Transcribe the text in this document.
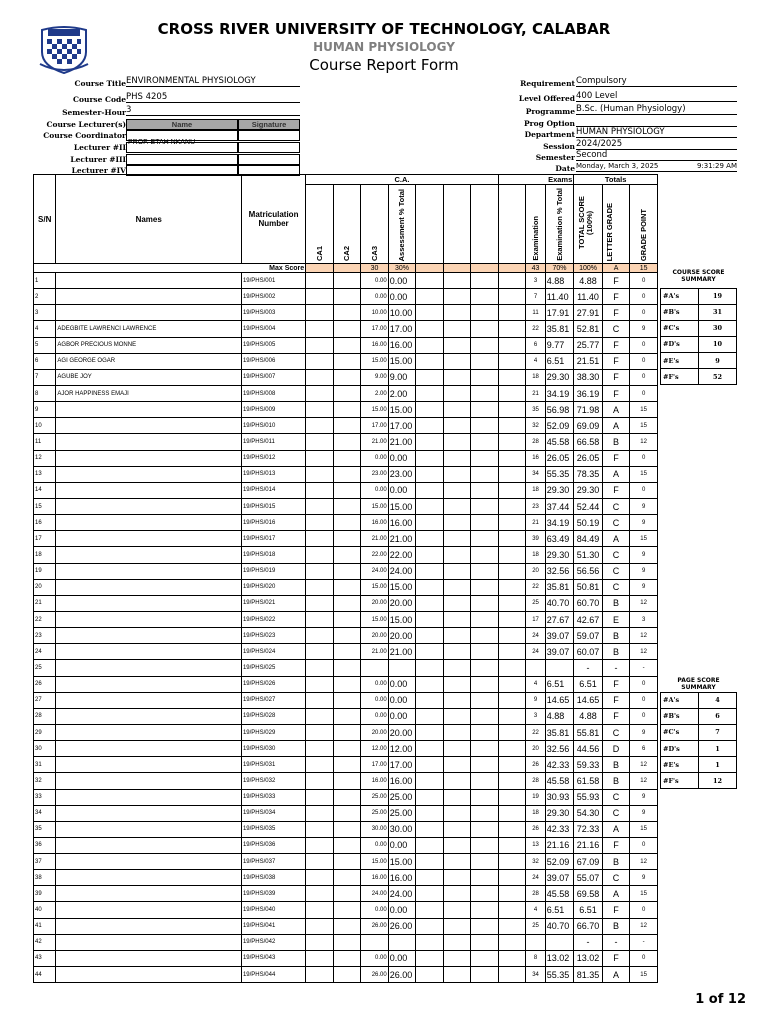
CROSS RIVER UNIVERSITY OF TECHNOLOGY, CALABAR
HUMAN PHYSIOLOGY
Course Report Form
Course Title ENVIRONMENTAL PHYSIOLOGY
Course Code PHS 4205
Semester-Hour 3
Course Lecturer(s)
Course Coordinator
PROF. ETAH NKANU
Lecturer #II
Lecturer #III
Lecturer #IV
Name	Signature
Requirement Compulsory
Level Offered 400 Level
Programme B.Sc. (Human Physiology)
Prog Option
Department HUMAN PHYSIOLOGY
Session 2024/2025
Semester Second
Date Monday, March 3, 2025	9:31:29 AM
S/N	Names	Matriculation Number	C.A.							Exams			Totals		
			CA1	CA2	CA3	Assessment % Total					Examination	Examination % Total	TOTAL SCORE (100%)	LETTER GRADE	GRADE POINT
Max Score					30	30%					43	70%	100%	A	15
1		19/PHS/001			0.00	0.00					3	4.88	4.88	F	0
2		19/PHS/002			0.00	0.00					7	11.40	11.40	F	0
3		19/PHS/003			10.00	10.00					11	17.91	27.91	F	0
4	ADEGBITE LAWRENCI LAWRENCE	19/PHS/004			17.00	17.00					22	35.81	52.81	C	9
5	AGBOR PRECIOUS MONNE	19/PHS/005			16.00	16.00					6	9.77	25.77	F	0
6	AGI GEORGE OGAR	19/PHS/006			15.00	15.00					4	6.51	21.51	F	0
7	AGUBE JOY	19/PHS/007			9.00	9.00					18	29.30	38.30	F	0
8	AJOR HAPPINESS EMAJI	19/PHS/008			2.00	2.00					21	34.19	36.19	F	0
9		19/PHS/009			15.00	15.00					35	56.98	71.98	A	15
10		19/PHS/010			17.00	17.00					32	52.09	69.09	A	15
11		19/PHS/011			21.00	21.00					28	45.58	66.58	B	12
12		19/PHS/012			0.00	0.00					16	26.05	26.05	F	0
13		19/PHS/013			23.00	23.00					34	55.35	78.35	A	15
14		19/PHS/014			0.00	0.00					18	29.30	29.30	F	0
15		19/PHS/015			15.00	15.00					23	37.44	52.44	C	9
16		19/PHS/016			16.00	16.00					21	34.19	50.19	C	9
17		19/PHS/017			21.00	21.00					39	63.49	84.49	A	15
18		19/PHS/018			22.00	22.00					18	29.30	51.30	C	9
19		19/PHS/019			24.00	24.00					20	32.56	56.56	C	9
20		19/PHS/020			15.00	15.00					22	35.81	50.81	C	9
21		19/PHS/021			20.00	20.00					25	40.70	60.70	B	12
22		19/PHS/022			15.00	15.00					17	27.67	42.67	E	3
23		19/PHS/023			20.00	20.00					24	39.07	59.07	B	12
24		19/PHS/024			21.00	21.00					24	39.07	60.07	B	12
25		19/PHS/025											-	-	-
26		19/PHS/026			0.00	0.00					4	6.51	6.51	F	0
27		19/PHS/027			0.00	0.00					9	14.65	14.65	F	0
28		19/PHS/028			0.00	0.00					3	4.88	4.88	F	0
29		19/PHS/029			20.00	20.00					22	35.81	55.81	C	9
30		19/PHS/030			12.00	12.00					20	32.56	44.56	D	6
31		19/PHS/031			17.00	17.00					26	42.33	59.33	B	12
32		19/PHS/032			16.00	16.00					28	45.58	61.58	B	12
33		19/PHS/033			25.00	25.00					19	30.93	55.93	C	9
34		19/PHS/034			25.00	25.00					18	29.30	54.30	C	9
35		19/PHS/035			30.00	30.00					26	42.33	72.33	A	15
36		19/PHS/036			0.00	0.00					13	21.16	21.16	F	0
37		19/PHS/037			15.00	15.00					32	52.09	67.09	B	12
38		19/PHS/038			16.00	16.00					24	39.07	55.07	C	9
39		19/PHS/039			24.00	24.00					28	45.58	69.58	A	15
40		19/PHS/040			0.00	0.00					4	6.51	6.51	F	0
41		19/PHS/041			26.00	26.00					25	40.70	66.70	B	12
42		19/PHS/042											-	-	-
43		19/PHS/043			0.00	0.00					8	13.02	13.02	F	0
44		19/PHS/044			26.00	26.00					34	55.35	81.35	A	15
COURSE SCORE SUMMARY	
#A's	19
#B's	31
#C's	30
#D's	10
#E's	9
#F's	52
PAGE SCORE SUMMARY	
#A's	4
#B's	6
#C's	7
#D's	1
#E's	1
#F's	12
1 of 12
